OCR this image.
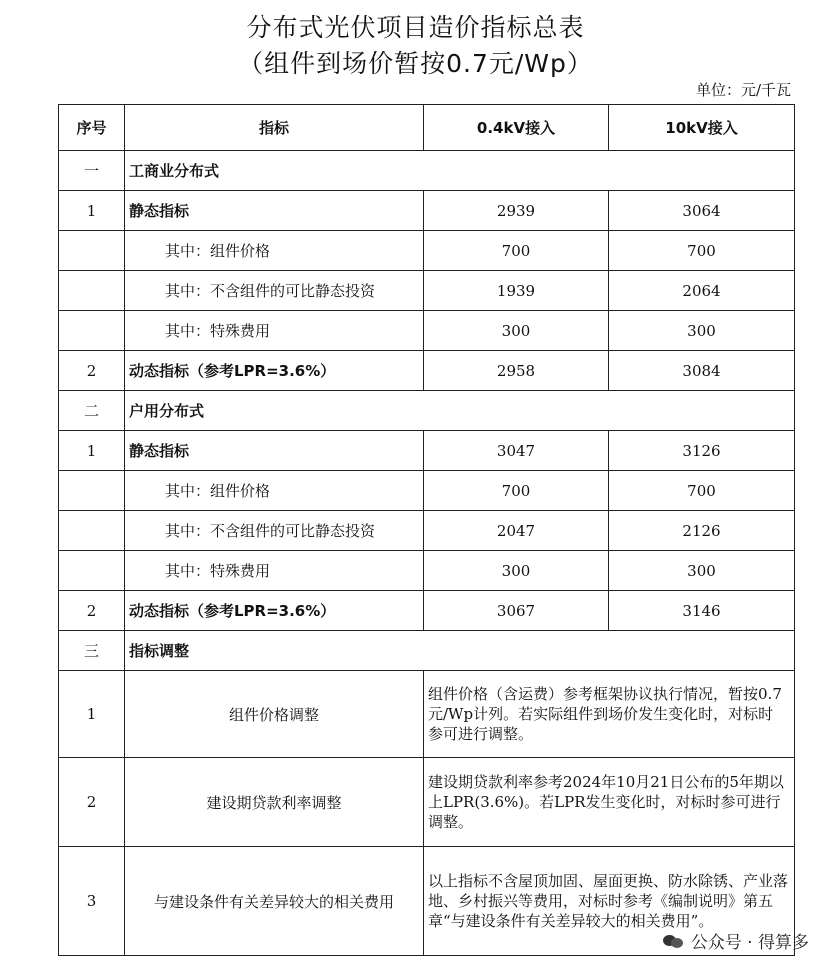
分布式光伏项目造价指标总表
（组件到场价暂按0.7元/Wp）
单位：元/千瓦
序号	指标	0.4kV接入	10kV接入
一	工商业分布式		
1	静态指标	2939	3064
	其中：组件价格	700	700
	其中：不含组件的可比静态投资	1939	2064
	其中：特殊费用	300	300
2	动态指标（参考LPR=3.6%）	2958	3084
二	户用分布式		
1	静态指标	3047	3126
	其中：组件价格	700	700
	其中：不含组件的可比静态投资	2047	2126
	其中：特殊费用	300	300
2	动态指标（参考LPR=3.6%）	3067	3146
三	指标调整		
1	组件价格调整	组件价格（含运费）参考框架协议执行情况，暂按0.7元/Wp计列。若实际组件到场价发生变化时，对标时参可进行调整。	
2	建设期贷款利率调整	建设期贷款利率参考2024年10月21日公布的5年期以上LPR(3.6%)。若LPR发生变化时，对标时参可进行调整。	
3	与建设条件有关差异较大的相关费用	以上指标不含屋顶加固、屋面更换、防水除锈、产业落地、乡村振兴等费用，对标时参考《编制说明》第五章“与建设条件有关差异较大的相关费用”。	
公众号 · 得算多
